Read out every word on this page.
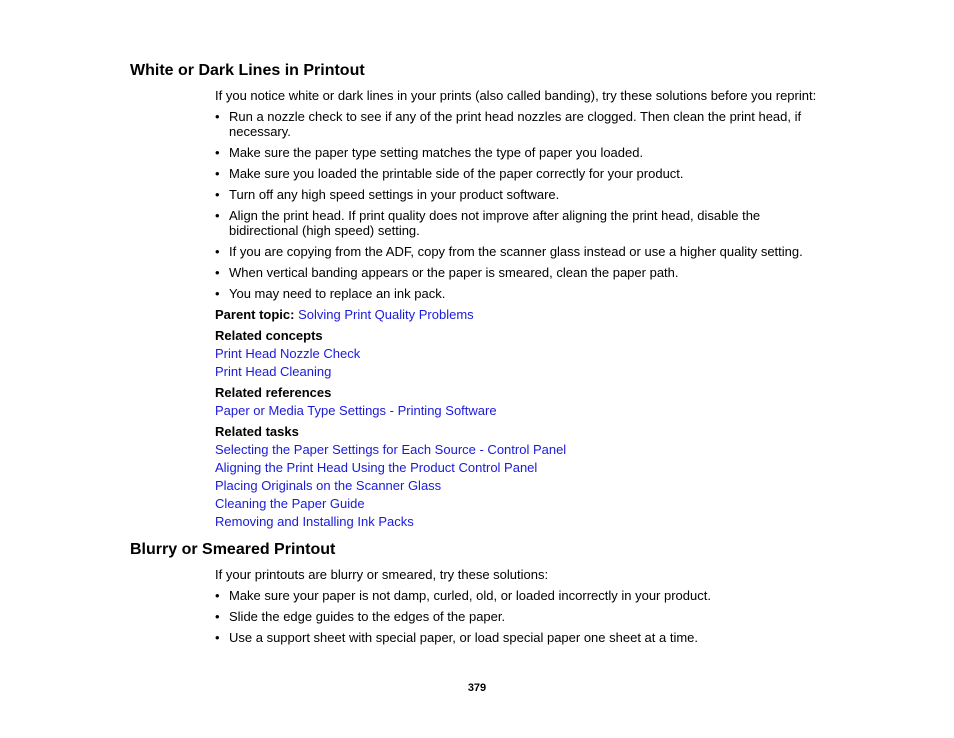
White or Dark Lines in Printout

If you notice white or dark lines in your prints (also called banding), try these solutions before you reprint:

• Run a nozzle check to see if any of the print head nozzles are clogged. Then clean the print head, if necessary.
• Make sure the paper type setting matches the type of paper you loaded.
• Make sure you loaded the printable side of the paper correctly for your product.
• Turn off any high speed settings in your product software.
• Align the print head. If print quality does not improve after aligning the print head, disable the bidirectional (high speed) setting.
• If you are copying from the ADF, copy from the scanner glass instead or use a higher quality setting.
• When vertical banding appears or the paper is smeared, clean the paper path.
• You may need to replace an ink pack.

Parent topic: Solving Print Quality Problems

Related concepts
Print Head Nozzle Check
Print Head Cleaning
Related references
Paper or Media Type Settings - Printing Software
Related tasks
Selecting the Paper Settings for Each Source - Control Panel
Aligning the Print Head Using the Product Control Panel
Placing Originals on the Scanner Glass
Cleaning the Paper Guide
Removing and Installing Ink Packs
Blurry or Smeared Printout

If your printouts are blurry or smeared, try these solutions:

• Make sure your paper is not damp, curled, old, or loaded incorrectly in your product.
• Slide the edge guides to the edges of the paper.
• Use a support sheet with special paper, or load special paper one sheet at a time.
379
